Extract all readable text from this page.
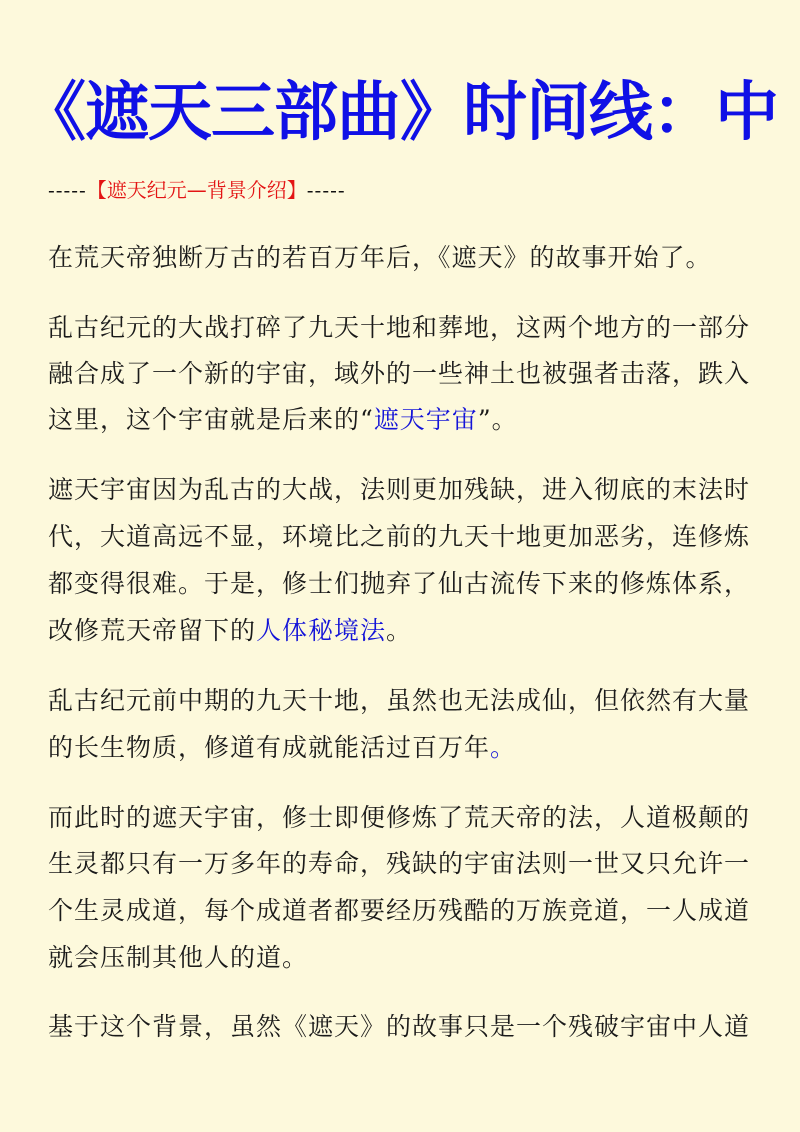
《遮天三部曲》时间线：中
-----【遮天纪元—背景介绍】-----
在荒天帝独断万古的若百万年后，《遮天》的故事开始了。
乱古纪元的大战打碎了九天十地和葬地，这两个地方的一部分
融合成了一个新的宇宙，域外的一些神土也被强者击落，跌入
这里，这个宇宙就是后来的“遮天宇宙”。
遮天宇宙因为乱古的大战，法则更加残缺，进入彻底的末法时
代，大道高远不显，环境比之前的九天十地更加恶劣，连修炼
都变得很难。于是，修士们抛弃了仙古流传下来的修炼体系，
改修荒天帝留下的人体秘境法。
乱古纪元前中期的九天十地，虽然也无法成仙，但依然有大量
的长生物质，修道有成就能活过百万年。
而此时的遮天宇宙，修士即便修炼了荒天帝的法，人道极颠的
生灵都只有一万多年的寿命，残缺的宇宙法则一世又只允许一
个生灵成道，每个成道者都要经历残酷的万族竞道，一人成道
就会压制其他人的道。
基于这个背景，虽然《遮天》的故事只是一个残破宇宙中人道
